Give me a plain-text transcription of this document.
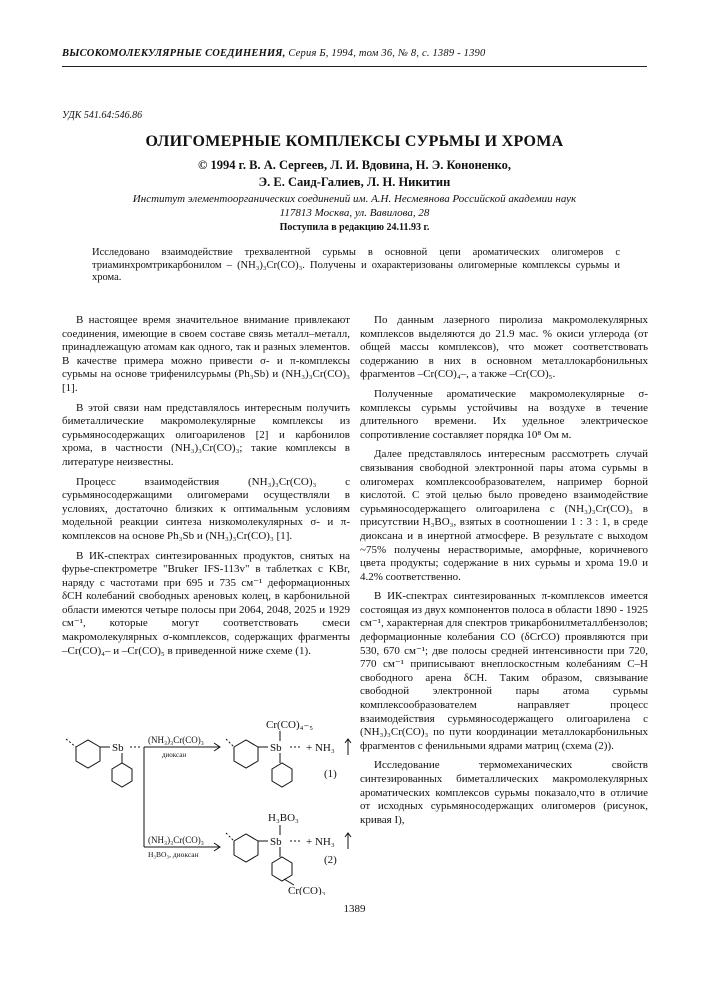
ВЫСОКОМОЛЕКУЛЯРНЫЕ СОЕДИНЕНИЯ, Серия Б, 1994, том 36, № 8, с. 1389 - 1390
УДК 541.64:546.86
ОЛИГОМЕРНЫЕ КОМПЛЕКСЫ СУРЬМЫ И ХРОМА
© 1994 г. В. А. Сергеев, Л. И. Вдовина, Н. Э. Кононенко,
Э. Е. Саид-Галиев, Л. Н. Никитин
Институт элементоорганических соединений им. А.Н. Несмеянова Российской академии наук
117813 Москва, ул. Вавилова, 28
Поступила в редакцию 24.11.93 г.
Исследовано взаимодействие трехвалентной сурьмы в основной цепи ароматических олигомеров с триаминхромтрикарбонилом – (NH₃)₃Cr(CO)₃. Получены и охарактеризованы олигомерные комплексы сурьмы и хрома.

В настоящее время значительное внимание привлекают соединения, имеющие в своем составе связь металл–металл, принадлежащую атомам как одного, так и разных элементов. В качестве примера можно привести σ- и π-комплексы сурьмы на основе трифенилсурьмы (Ph₃Sb) и (NH₃)₃Cr(CO)₃ [1].

В этой связи нам представлялось интересным получить биметаллические макромолекулярные комплексы из сурьмяносодержащих олигоариленов [2] и карбонилов хрома, в частности (NH₃)₃Cr(CO)₃; такие комплексы в литературе неизвестны.

Процесс взаимодействия (NH₃)₃Cr(CO)₃ с сурьмяносодержащими олигомерами осуществляли в условиях, достаточно близких к оптимальным условиям модельной реакции синтеза низкомолекулярных σ- и π-комплексов на основе Ph₃Sb и (NH₃)₃Cr(CO)₃ [1].

В ИК-спектрах синтезированных продуктов, снятых на фурье-спектрометре "Bruker IFS-113v" в таблетках с KBr, наряду с частотами при 695 и 735 см⁻¹ деформационных δCH колебаний свободных ареновых колец, в карбонильной области имеются четыре полосы при 2064, 2048, 2025 и 1929 см⁻¹, которые могут соответствовать смеси макромолекулярных σ-комплексов, содержащих фрагменты –Cr(CO)₄– и –Cr(CO)₅ в приведенной ниже схеме (1).

Sb
(NH₃)₃Cr(CO)₃
диоксан
Sb
Cr(CO)₄₋₅
+ NH₃
(1)
(NH₃)₃Cr(CO)₃
H₃BO₃, диоксан
Sb
H₃BO₃
+ NH₃
(2)
Cr(CO)₃

По данным лазерного пиролиза макромолекулярных комплексов выделяются до 21.9 мас. % окиси углерода (от общей массы комплексов), что может соответствовать содержанию в них в основном металлокарбонильных фрагментов –Cr(CO)₄–, а также –Cr(CO)₅.

Полученные ароматические макромолекулярные σ-комплексы сурьмы устойчивы на воздухе в течение длительного времени. Их удельное электрическое сопротивление составляет порядка 10⁸ Ом м.

Далее представлялось интересным рассмотреть случай связывания свободной электронной пары атома сурьмы в олигомерах комплексообразователем, например борной кислотой. С этой целью было проведено взаимодействие сурьмяносодержащего олигоарилена с (NH₃)₃Cr(CO)₃ в присутствии H₃BO₃, взятых в соотношении 1 : 3 : 1, в среде диоксана и в инертной атмосфере. В результате с выходом ~75% получены нерастворимые, аморфные, коричневого цвета продукты; содержание в них сурьмы и хрома 19.0 и 4.2% соответственно.

В ИК-спектрах синтезированных π-комплексов имеется состоящая из двух компонентов полоса в области 1890 - 1925 см⁻¹, характерная для спектров трикарбонилметаллбензолов; деформационные колебания CO (δCrCO) проявляются при 530, 670 см⁻¹; две полосы средней интенсивности при 720, 770 см⁻¹ приписывают внеплоскостным колебаниям C–H свободного арена δCH. Таким образом, связывание свободной электронной пары атома сурьмы комплексообразователем направляет процесс взаимодействия сурьмяносодержащего олигоарилена с (NH₃)₃Cr(CO)₃ по пути координации металлокарбонильных фрагментов с фенильными ядрами матриц (схема (2)).

Исследование термомеханических свойств синтезированных биметаллических макромолекулярных ароматических комплексов сурьмы показало,что в отличие от исходных сурьмяносодержащих олигомеров (рисунок, кривая I),

1389
